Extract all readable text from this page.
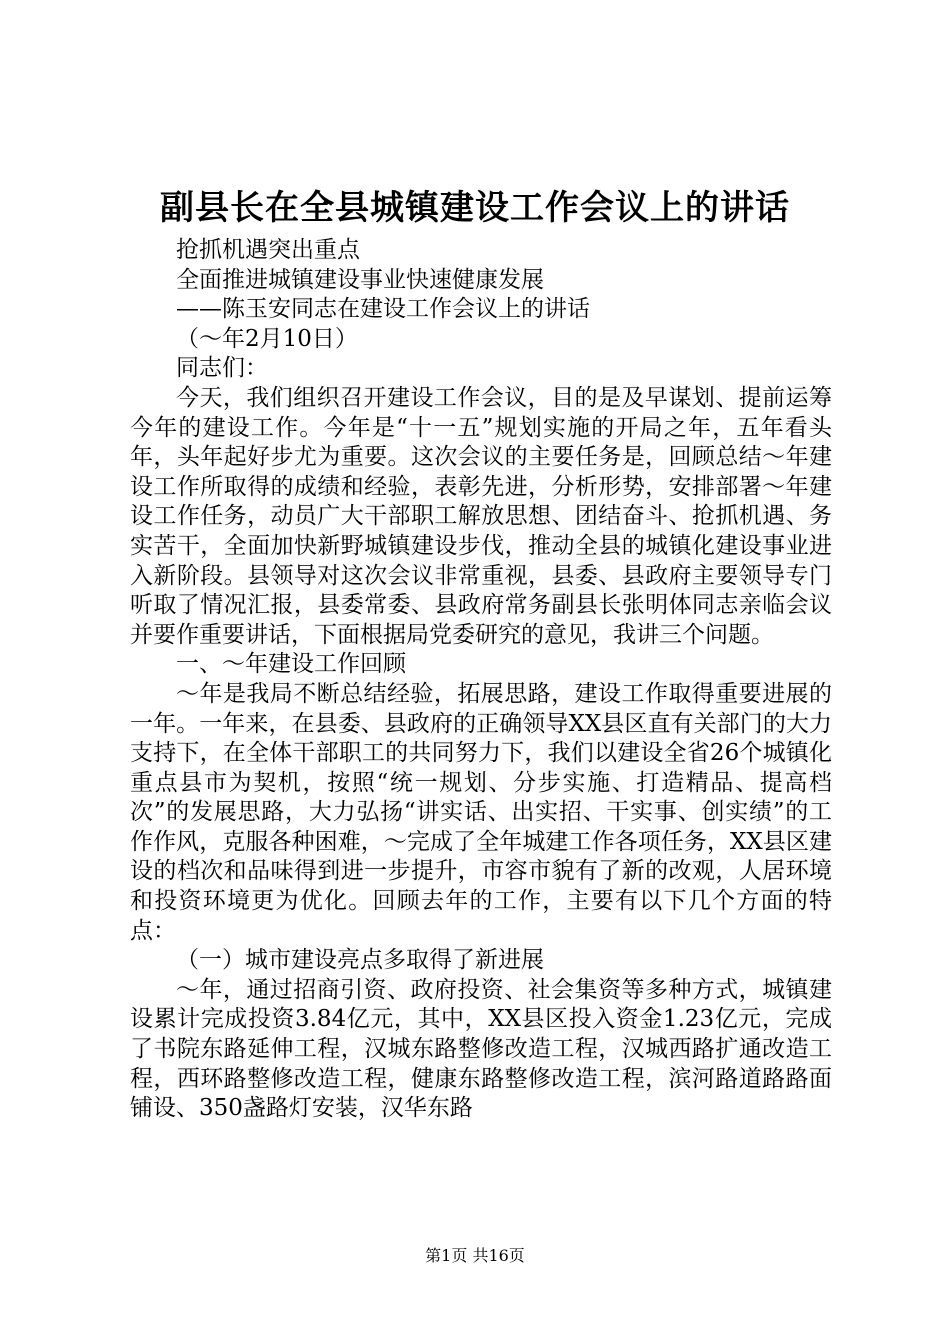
副县长在全县城镇建设工作会议上的讲话

抢抓机遇突出重点

全面推进城镇建设事业快速健康发展

——陈玉安同志在建设工作会议上的讲话

（～年2月10日）

同志们：

今天，我们组织召开建设工作会议，目的是及早谋划、提前运筹今年的建设工作。今年是“十一五”规划实施的开局之年，五年看头年，头年起好步尤为重要。这次会议的主要任务是，回顾总结～年建设工作所取得的成绩和经验，表彰先进，分析形势，安排部署～年建设工作任务，动员广大干部职工解放思想、团结奋斗、抢抓机遇、务实苦干，全面加快新野城镇建设步伐，推动全县的城镇化建设事业进入新阶段。县领导对这次会议非常重视，县委、县政府主要领导专门听取了情况汇报，县委常委、县政府常务副县长张明体同志亲临会议并要作重要讲话，下面根据局党委研究的意见，我讲三个问题。

一、～年建设工作回顾

～年是我局不断总结经验，拓展思路，建设工作取得重要进展的一年。一年来，在县委、县政府的正确领导XX县区直有关部门的大力支持下，在全体干部职工的共同努力下，我们以建设全省26个城镇化重点县市为契机，按照“统一规划、分步实施、打造精品、提高档次”的发展思路，大力弘扬“讲实话、出实招、干实事、创实绩”的工作作风，克服各种困难，～完成了全年城建工作各项任务，XX县区建设的档次和品味得到进一步提升，市容市貌有了新的改观，人居环境和投资环境更为优化。回顾去年的工作，主要有以下几个方面的特点：

（一）城市建设亮点多取得了新进展

～年，通过招商引资、政府投资、社会集资等多种方式，城镇建设累计完成投资3.84亿元，其中，XX县区投入资金1.23亿元，完成了书院东路延伸工程，汉城东路整修改造工程，汉城西路扩通改造工程，西环路整修改造工程，健康东路整修改造工程，滨河路道路路面铺设、350盏路灯安装，汉华东路

第1页 共16页
